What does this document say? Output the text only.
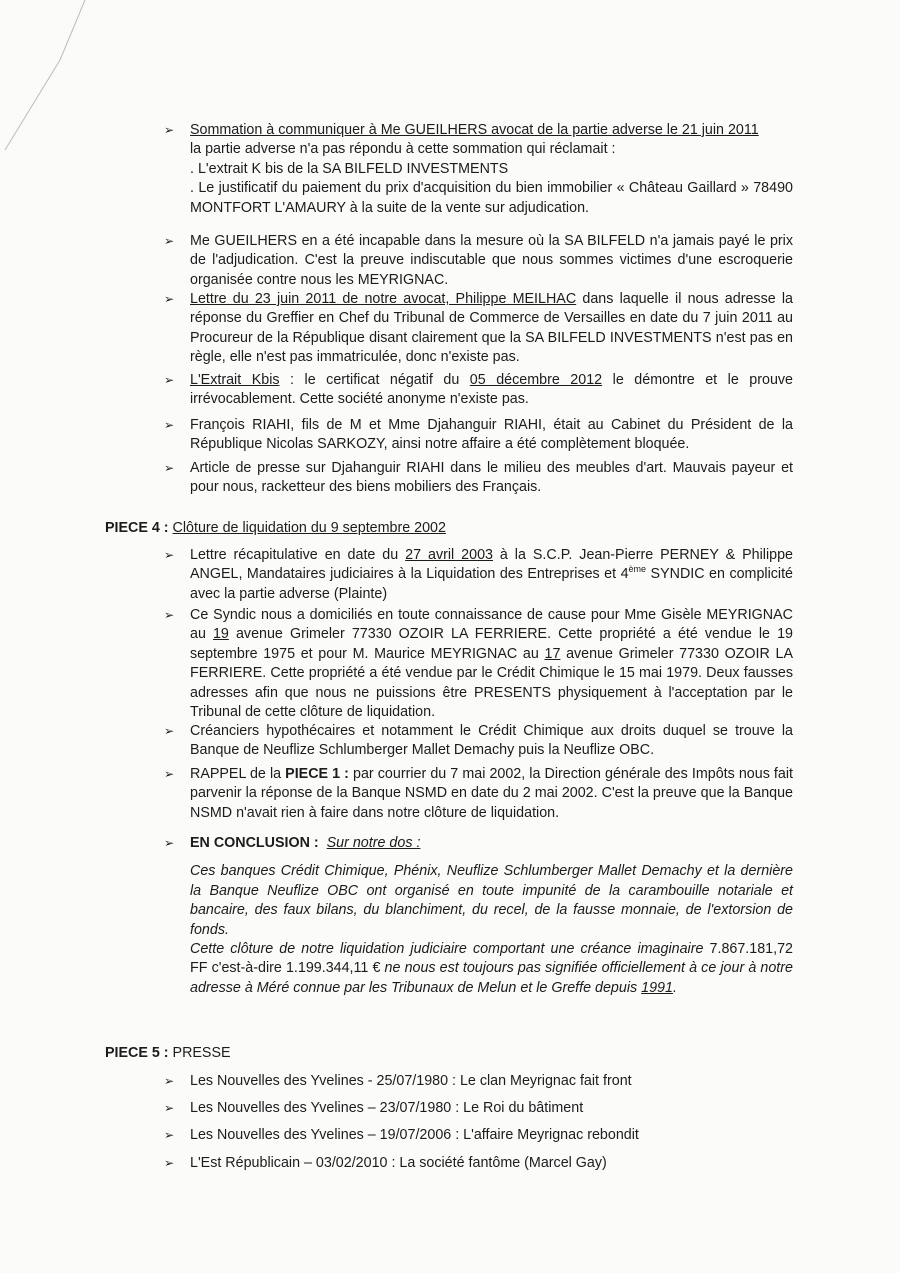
➢ Sommation à communiquer à Me GUEILHERS avocat de la partie adverse le 21 juin 2011
la partie adverse n'a pas répondu à cette sommation qui réclamait :
. L'extrait K bis de la SA BILFELD INVESTMENTS
. Le justificatif du paiement du prix d'acquisition du bien immobilier « Château Gaillard » 78490 MONTFORT L'AMAURY à la suite de la vente sur adjudication.
➢ Me GUEILHERS en a été incapable dans la mesure où la SA BILFELD n'a jamais payé le prix de l'adjudication. C'est la preuve indiscutable que nous sommes victimes d'une escroquerie organisée contre nous les MEYRIGNAC.
➢ Lettre du 23 juin 2011 de notre avocat, Philippe MEILHAC dans laquelle il nous adresse la réponse du Greffier en Chef du Tribunal de Commerce de Versailles en date du 7 juin 2011 au Procureur de la République disant clairement que la SA BILFELD INVESTMENTS n'est pas en règle, elle n'est pas immatriculée, donc n'existe pas.
➢ L'Extrait Kbis : le certificat négatif du 05 décembre 2012 le démontre et le prouve irrévocablement. Cette société anonyme n'existe pas.
➢ François RIAHI, fils de M et Mme Djahanguir RIAHI, était au Cabinet du Président de la République Nicolas SARKOZY, ainsi notre affaire a été complètement bloquée.
➢ Article de presse sur Djahanguir RIAHI dans le milieu des meubles d'art. Mauvais payeur et pour nous, racketteur des biens mobiliers des Français.
PIECE 4 : Clôture de liquidation du 9 septembre 2002
➢ Lettre récapitulative en date du 27 avril 2003 à la S.C.P. Jean-Pierre PERNEY & Philippe ANGEL, Mandataires judiciaires à la Liquidation des Entreprises et 4ème SYNDIC en complicité avec la partie adverse (Plainte)
➢ Ce Syndic nous a domiciliés en toute connaissance de cause pour Mme Gisèle MEYRIGNAC au 19 avenue Grimeler 77330 OZOIR LA FERRIERE. Cette propriété a été vendue le 19 septembre 1975 et pour M. Maurice MEYRIGNAC au 17 avenue Grimeler 77330 OZOIR LA FERRIERE. Cette propriété a été vendue par le Crédit Chimique le 15 mai 1979. Deux fausses adresses afin que nous ne puissions être PRESENTS physiquement à l'acceptation par le Tribunal de cette clôture de liquidation.
➢ Créanciers hypothécaires et notamment le Crédit Chimique aux droits duquel se trouve la Banque de Neuflize Schlumberger Mallet Demachy puis la Neuflize OBC.
➢ RAPPEL de la PIECE 1 : par courrier du 7 mai 2002, la Direction générale des Impôts nous fait parvenir la réponse de la Banque NSMD en date du 2 mai 2002. C'est la preuve que la Banque NSMD n'avait rien à faire dans notre clôture de liquidation.
➢ EN CONCLUSION : Sur notre dos :
Ces banques Crédit Chimique, Phénix, Neuflize Schlumberger Mallet Demachy et la dernière la Banque Neuflize OBC ont organisé en toute impunité de la carambouille notariale et bancaire, des faux bilans, du blanchiment, du recel, de la fausse monnaie, de l'extorsion de fonds.
Cette clôture de notre liquidation judiciaire comportant une créance imaginaire 7.867.181,72 FF c'est-à-dire 1.199.344,11 € ne nous est toujours pas signifiée officiellement à ce jour à notre adresse à Méré connue par les Tribunaux de Melun et le Greffe depuis 1991.
PIECE 5 : PRESSE
➢ Les Nouvelles des Yvelines - 25/07/1980 : Le clan Meyrignac fait front
➢ Les Nouvelles des Yvelines – 23/07/1980 : Le Roi du bâtiment
➢ Les Nouvelles des Yvelines – 19/07/2006 : L'affaire Meyrignac rebondit
➢ L'Est Républicain – 03/02/2010 : La société fantôme (Marcel Gay)
